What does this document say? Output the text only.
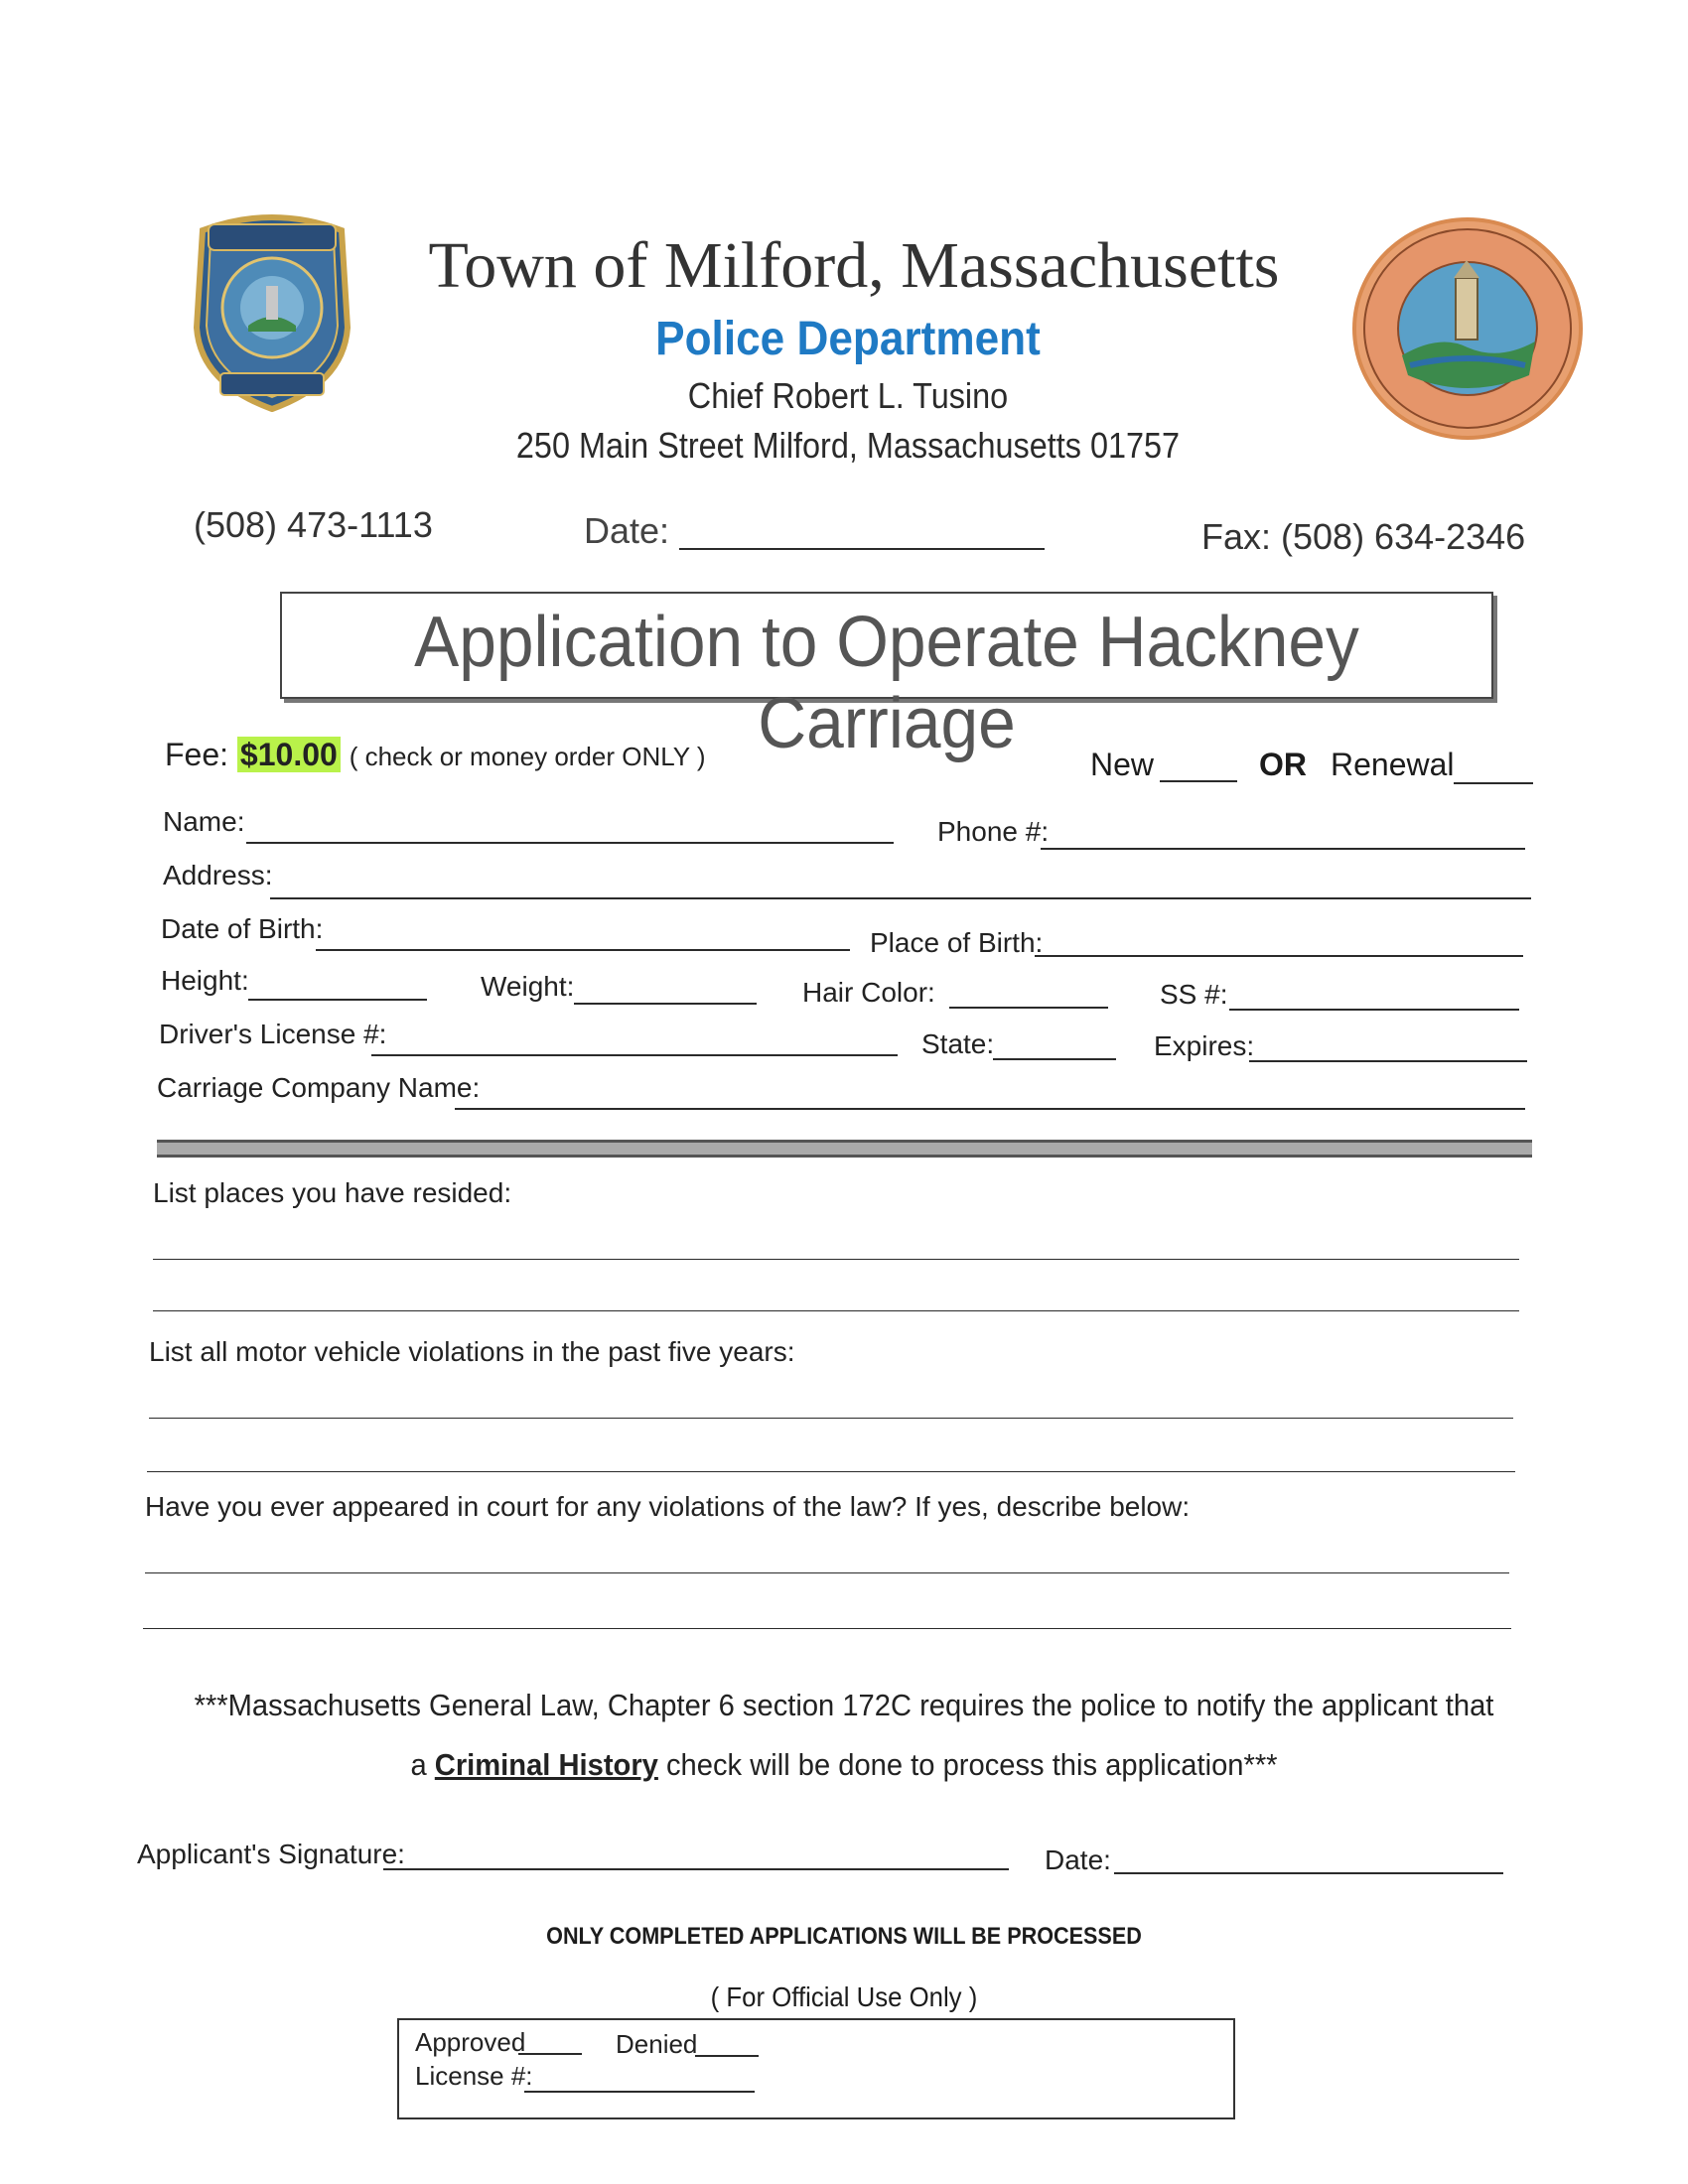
Town of Milford, Massachusetts
Police Department
Chief Robert L. Tusino
250 Main Street Milford, Massachusetts 01757
(508) 473-1113	Date:	Fax: (508) 634-2346
Application to Operate Hackney Carriage
Fee: $10.00 ( check or money order ONLY )	New	OR Renewal
Name:	Phone #:
Address:
Date of Birth:	Place of Birth:
Height:	Weight:	Hair Color:	SS #:
Driver's License #:	State:	Expires:
Carriage Company Name:
List places you have resided:
List all motor vehicle violations in the past five years:
Have you ever appeared in court for any violations of the law? If yes, describe below:
***Massachusetts General Law, Chapter 6 section 172C requires the police to notify the applicant that
a Criminal History check will be done to process this application***
Applicant's Signature:	Date:
ONLY COMPLETED APPLICATIONS WILL BE PROCESSED
( For Official Use Only )
Approved	Denied
License #:
